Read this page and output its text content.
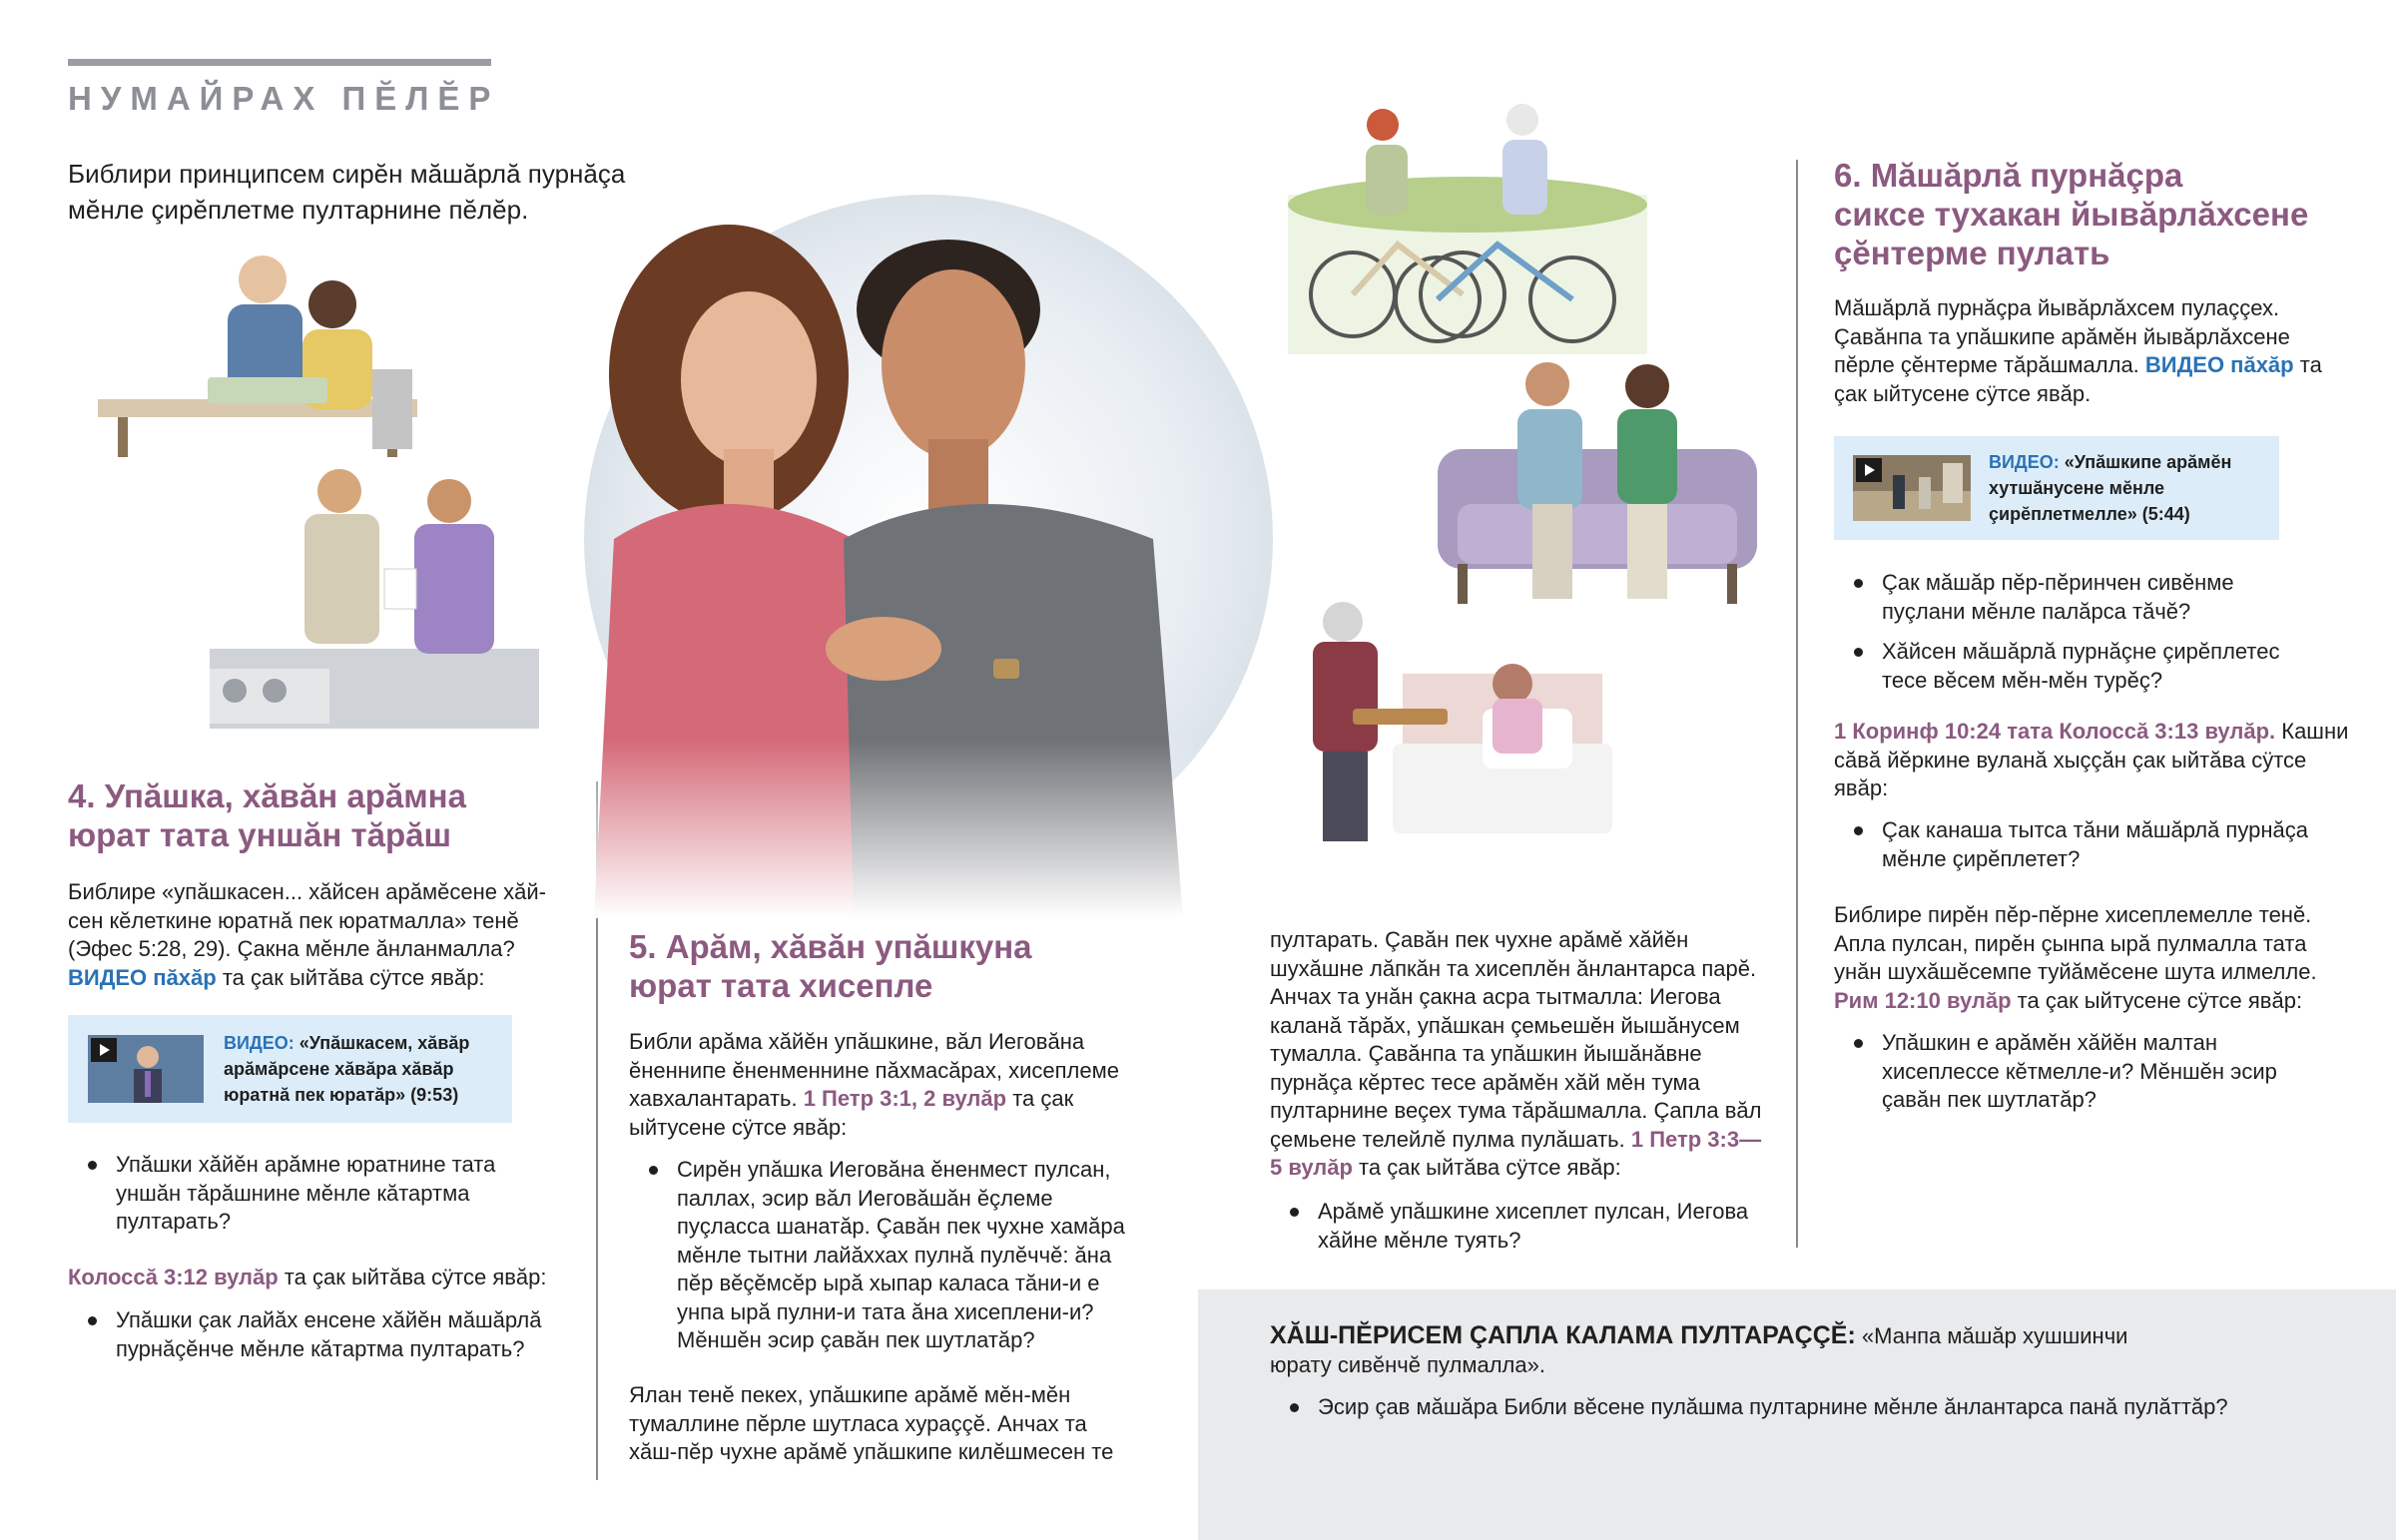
НУМАЙРАХ ПĔЛĔР
Библири принципсем сирĕн мăшăрлă пурнăçа мĕнле çирĕплетме пултарнине пĕлĕр.
4. Упăшка, хăвăн арăмна
юрат тата уншăн тăрăш
Библире «упăшкасен... хăйсен арăмĕсене хăй-сен кĕлеткине юратнă пек юратмалла» тенĕ (Эфес 5:28, 29). Çакна мĕнле ăнланмалла? ВИДЕО пăхăр та çак ыйтăва сÿтсе явăр:
ВИДЕО: «Упăшкасем, хăвăр арăмăрсене хăвăра хăвăр юратнă пек юратăр» (9:53)
Упăшки хăйĕн арăмне юратнине тата уншăн тăрăшнине мĕнле кăтартма пултарать?
Колоссă 3:12 вулăр та çак ыйтăва сÿтсе явăр:
Упăшки çак лайăх енсене хăйĕн мăшăрлă пурнăçĕнче мĕнле кăтартма пултарать?
5. Арăм, хăвăн упăшкуна
юрат тата хисепле
Библи арăма хăйĕн упăшкине, вăл Иеговăна ĕненнипе ĕненменнине пăхмасăрах, хисеплеме хавхалантарать. 1 Петр 3:1, 2 вулăр та çак ыйтусене сÿтсе явăр:
Сирĕн упăшка Иеговăна ĕненмест пулсан, паллах, эсир вăл Иеговăшăн ĕçлеме пуçласса шанатăр. Çавăн пек чухне хамăра мĕнле тытни лайăххах пулнă пулĕччĕ: ăна пĕр вĕçĕмсĕр ырă хыпар каласа тăни-и е унпа ырă пулни-и тата ăна хисеплени-и? Мĕншĕн эсир çавăн пек шутлатăр?
Ялан тенĕ пекех, упăшкипе арăмĕ мĕн-мĕн тумаллине пĕрле шутласа хураççĕ. Анчах та хăш-пĕр чухне арăмĕ упăшкипе килĕшмесен те
пултарать. Çавăн пек чухне арăмĕ хăйĕн шухăшне лăпкăн та хисеплĕн ăнлантарса парĕ. Анчах та унăн çакна асра тытмалла: Иегова каланă тăрăх, упăшкан çемьешĕн йышăнусем тумалла. Çавăнпа та упăшкин йышăнăвне пурнăçа кĕртес тесе арăмĕн хăй мĕн тума пултарнине веçех тума тăрăшмалла. Çапла вăл çемьене телейлĕ пулма пулăшать. 1 Петр 3:3—5 вулăр та çак ыйтăва сÿтсе явăр:
Арăмĕ упăшкине хисеплет пулсан, Иегова хăйне мĕнле туять?
6. Мăшăрлă пурнăçра
сиксе тухакан йывăрлăхсене
çĕнтерме пулать
Мăшăрлă пурнăçра йывăрлăхсем пулаççех. Çавăнпа та упăшкипе арăмĕн йывăрлăхсене пĕрле çĕнтерме тăрăшмалла. ВИДЕО пăхăр та çак ыйтусене сÿтсе явăр.
ВИДЕО: «Упăшкипе арăмĕн хутшăнусене мĕнле çирĕплетмелле» (5:44)
Çак мăшăр пĕр-пĕринчен сивĕнме пуçлани мĕнле палăрса тăчĕ?
Хăйсен мăшăрлă пурнăçне çирĕплетес тесе вĕсем мĕн-мĕн турĕç?
1 Коринф 10:24 тата Колоссă 3:13 вулăр. Кашни сăвă йĕркине вуланă хыççăн çак ыйтăва сÿтсе явăр:
Çак канаша тытса тăни мăшăрлă пурнăçа мĕнле çирĕплетет?
Библире пирĕн пĕр-пĕрне хисеплемелле тенĕ. Апла пулсан, пирĕн çынпа ырă пулмалла тата унăн шухăшĕсемпе туйăмĕсене шута илмелле. Рим 12:10 вулăр та çак ыйтусене сÿтсе явăр:
Упăшкин е арăмĕн хăйĕн малтан хисеплессе кĕтмелле-и? Мĕншĕн эсир çавăн пек шутлатăр?
ХĂШ-ПĔРИСЕМ ÇАПЛА КАЛАМА ПУЛТАРАÇÇĔ: «Манпа мăшăр хушшинчи юрату сивĕнчĕ пулмалла».
Эсир çав мăшăра Библи вĕсене пулăшма пултарнине мĕнле ăнлантарса панă пулăттăр?
